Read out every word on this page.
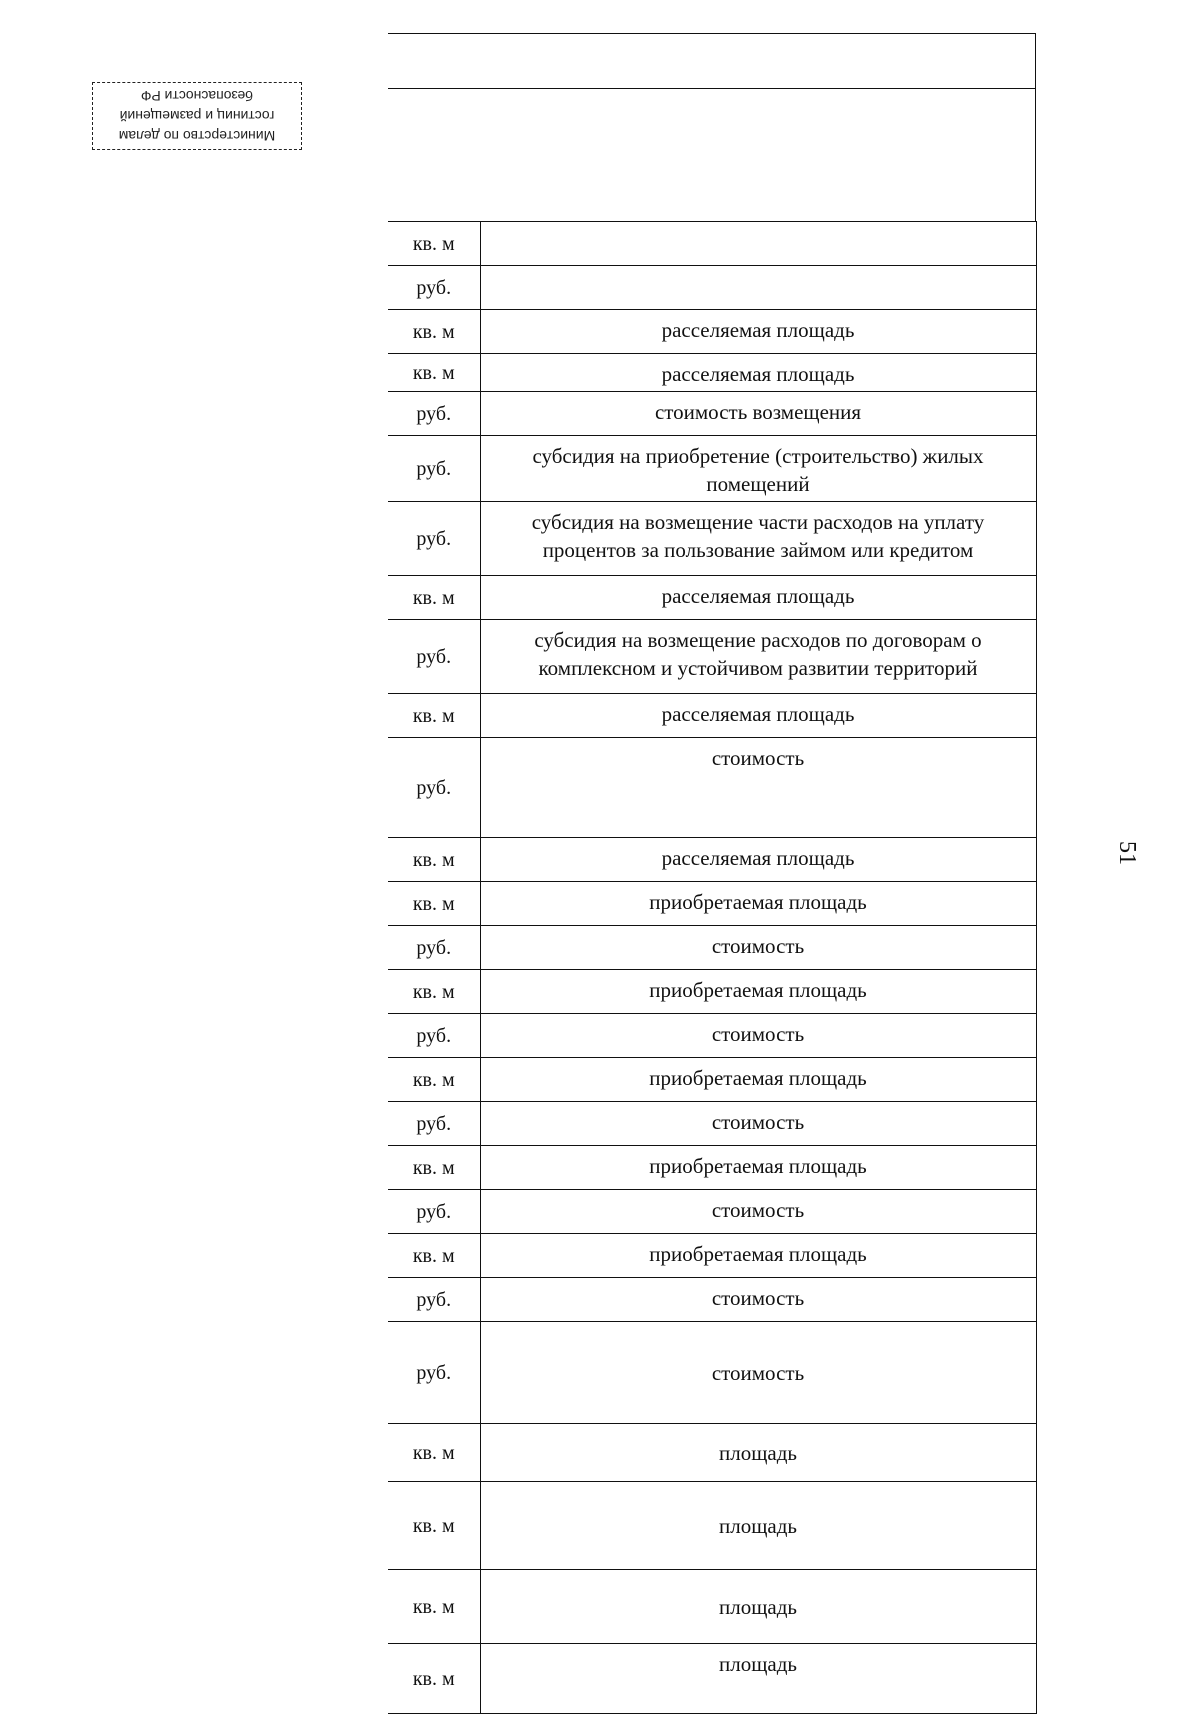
Министерство по делам
гостиниц и размещений
безопасности РФ
51
кв. м	
руб.	
кв. м	расселяемая площадь
кв. м	расселяемая площадь
руб.	стоимость возмещения
руб.	субсидия на приобретение (строительство) жилых помещений
руб.	субсидия на возмещение части расходов на уплату процентов за пользование займом или кредитом
кв. м	расселяемая площадь
руб.	субсидия на возмещение расходов по договорам о комплексном и устойчивом развитии территорий
кв. м	расселяемая площадь
руб.	стоимость
кв. м	расселяемая площадь
кв. м	приобретаемая площадь
руб.	стоимость
кв. м	приобретаемая площадь
руб.	стоимость
кв. м	приобретаемая площадь
руб.	стоимость
кв. м	приобретаемая площадь
руб.	стоимость
кв. м	приобретаемая площадь
руб.	стоимость
руб.	стоимость
кв. м	площадь
кв. м	площадь
кв. м	площадь
кв. м	площадь
